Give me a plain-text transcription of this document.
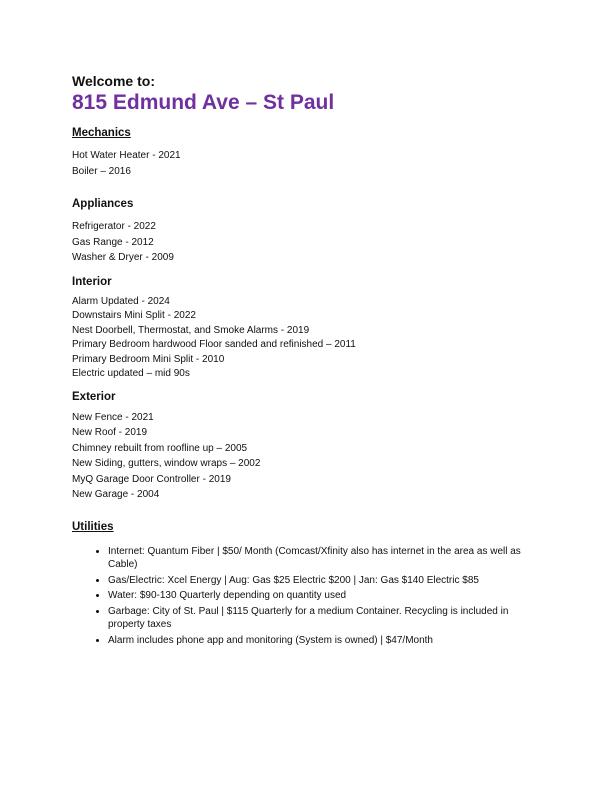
Welcome to:

815 Edmund Ave – St Paul

Mechanics
Hot Water Heater - 2021
Boiler – 2016
Appliances
Refrigerator - 2022
Gas Range - 2012
Washer & Dryer - 2009
Interior
Alarm Updated - 2024
Downstairs Mini Split - 2022
Nest Doorbell, Thermostat, and Smoke Alarms - 2019
Primary Bedroom hardwood Floor sanded and refinished – 2011
Primary Bedroom Mini Split - 2010
Electric updated – mid 90s
Exterior
New Fence - 2021
New Roof - 2019
Chimney rebuilt from roofline up – 2005
New Siding, gutters, window wraps – 2002
MyQ Garage Door Controller - 2019
New Garage - 2004
Utilities
• Internet: Quantum Fiber | $50/ Month (Comcast/Xfinity also has internet in the area as well as Cable)
• Gas/Electric: Xcel Energy | Aug: Gas $25 Electric $200 | Jan: Gas $140 Electric $85
• Water: $90-130 Quarterly depending on quantity used
• Garbage: City of St. Paul | $115 Quarterly for a medium Container. Recycling is included in property taxes
• Alarm includes phone app and monitoring (System is owned) | $47/Month
